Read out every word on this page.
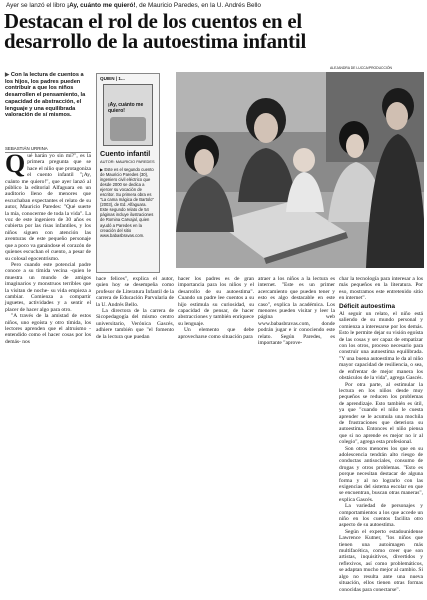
Ayer se lanzó el libro ¡Ay, cuánto me quieró!, de Mauricio Paredes, en la U. Andrés Bello
Destacan el rol de los cuentos en el
desarrollo de la autoestima infantil
▶ Con la lectura de cuentos a los hijos, los padres pueden contribuir a que los niños desarrollen el pensamiento, la capacidad de abstracción, el lenguaje y una equilibrada valoración de sí mismos.
SEBASTIÁN URRINA

Qué harán yo sin mí?", es la primera pregunta que se hace el niño que protagoniza el cuento infantil "¡Ay, cuánto me quiero!", que ayer lanzó al público la editorial Alfaguara en un auditorio lleno de menores que escuchaban expectantes el relato de su autor, Mauricio Paredes: "Qué suerte la mía, conocerme de toda la vida". La voz de este ingeniero de 30 años es cubierta por las risas infantiles, y los niños siguen con atención las aventuras de este pequeño personaje que a poco va ganándose el corazón de quienes escuchan el cuento, a pesar de su colosal egocentrismo.

Pero cuando este potencial padre conoce a su tímida vecina -quien le muestra un mundo de amigos imaginarios y monstruos terribles que la visitan de noche- su vida empieza a cambiar. Comienza a compartir juguetes, actividades y a sentir el placer de hacer algo para otro.

"A través de la amistad de estos niños, uno egoísta y otro tímida, los lectores aprenden que el altruismo -entendido como el hacer cosas por los demás- nos

QUIEN | 1...
¡Ay, cuánto me quiero!
Cuento infantil
AUTOR: MAURICIO PAREDES
▶ Este es el segundo cuento de Mauricio Paredes (30), ingeniero civil eléctrico que desde 2000 se dedica a ejercer su vocación de escritor. Su primera obra es "La cama mágica de Bartolo" (2003), de Ed. Alfaguara. Este segundo relato de 54 páginas incluye ilustraciones de Romina Carvajal, quien ayudó a Paredes en la creación del sitio www.babasbravas.com.
ALEJANDRA DE LUCCA/PRODUCCIÓN

hace felices", explica el autor, quien hoy se desempeña como profesor de Literatura Infantil de la carrera de Educación Parvularia de la U. Andrés Bello.

La directora de la carrera de Sicopedagogía del mismo centro universitario, Verónica Gascés, adhiere también que "el fomento de la lectura que puedan

hacer los padres es de gran importancia para los niños y el desarrollo de su autoestima". Cuando un padre lee cuentos a su hijo estimula su curiosidad, su capacidad de pensar, de hacer abstracciones y también enriquece su lenguaje.

Un elemento que debe aprovecharse como situación para

atraer a los niños a la lectura es internet. "Este es un primer acercamiento que pueden tener y esto es algo destacable en este caso", explica la académica. Los menores pueden visitar y leer la página web www.babasbravas.com, donde podrán jugar e ir conociendo este relato. Según Paredes, es importante "aprove-

char la tecnología para interesar a los más pequeños en la literatura. Por eso, mostramos este entretenido sitio en internet".

Déficit autoestima

Al seguir un relato, el niño está saliendo de su mundo personal y comienza a interesarse por los demás. Esto le permite dejar su visión egoísta de las cosas y ser capaz de empatizar con los otros, proceso necesario para construir una autoestima equilibrada. "Y una buena autoestima le da al niño mayor capacidad de resiliencia, o sea, de enfrentar de mejor manera los obstáculos de la vida", agrega Gascés.

Por otra parte, al estimular la lectura en los niños desde muy pequeños se reducen los problemas de aprendizaje. Esto también es útil, ya que "cuando el niño le cuesta aprender se le acumula una mochila de frustraciones que deteriora su autoestima. Entonces el niño piensa que si no aprende es mejor no ir al colegio", agrega esta profesional.

Son otros menores los que en su adolescencia tendrán alto riesgo de conductas antisociales, consumo de drogas y otros problemas. "Esto es porque necesitan destacar de alguna forma y al no lograrlo con las exigencias del sistema escolar en que se encuentran, buscan otras maneras", explica Gascés.

La variedad de personajes y comportamientos a los que accede un niño en los cuentos facilita otro aspecto de su autoestima.

Según el experto estadounidense Lawrence Kutner, "los niños que tienen una autoimagen más multifacética, como creer que son artistas, inquisitivos, divertidos y reflexivos, así como problemáticos, se adaptan mucho mejor al cambio. Si algo no resulta ante una nueva situación, ellos tienen otras formas conocidas para conectarse".
